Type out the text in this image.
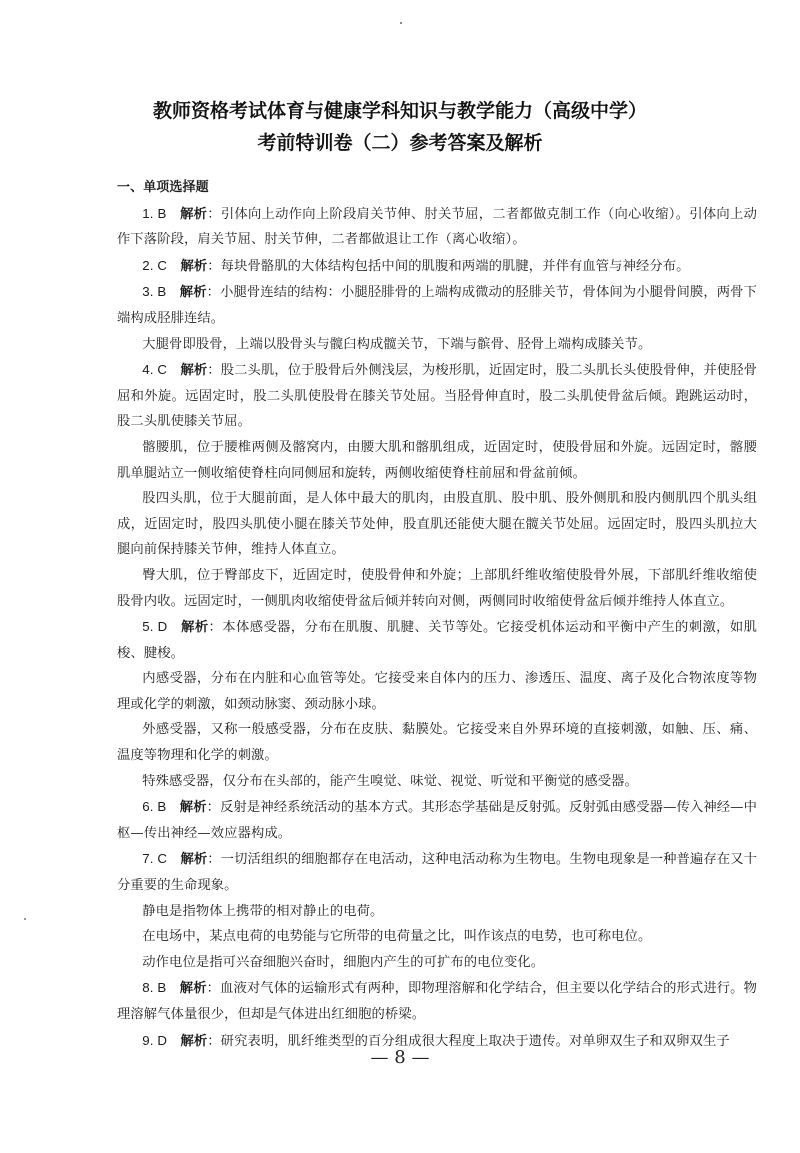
教师资格考试体育与健康学科知识与教学能力（高级中学）
考前特训卷（二）参考答案及解析
一、单项选择题

1. B  解析：引体向上动作向上阶段肩关节伸、肘关节屈，二者都做克制工作（向心收缩）。引体向上动作下落阶段，肩关节屈、肘关节伸，二者都做退让工作（离心收缩）。

2. C  解析：每块骨骼肌的大体结构包括中间的肌腹和两端的肌腱，并伴有血管与神经分布。

3. B  解析：小腿骨连结的结构：小腿胫腓骨的上端构成微动的胫腓关节，骨体间为小腿骨间膜，两骨下端构成胫腓连结。

大腿骨即股骨，上端以股骨头与髋臼构成髋关节，下端与髌骨、胫骨上端构成膝关节。

4. C  解析：股二头肌，位于股骨后外侧浅层，为梭形肌，近固定时，股二头肌长头使股骨伸，并使胫骨屈和外旋。远固定时，股二头肌使股骨在膝关节处屈。当胫骨伸直时，股二头肌使骨盆后倾。跑跳运动时，股二头肌使膝关节屈。

髂腰肌，位于腰椎两侧及髂窝内，由腰大肌和髂肌组成，近固定时，使股骨屈和外旋。远固定时，髂腰肌单腿站立一侧收缩使脊柱向同侧屈和旋转，两侧收缩使脊柱前屈和骨盆前倾。

股四头肌，位于大腿前面，是人体中最大的肌肉，由股直肌、股中肌、股外侧肌和股内侧肌四个肌头组成，近固定时，股四头肌使小腿在膝关节处伸，股直肌还能使大腿在髋关节处屈。远固定时，股四头肌拉大腿向前保持膝关节伸，维持人体直立。

臀大肌，位于臀部皮下，近固定时，使股骨伸和外旋；上部肌纤维收缩使股骨外展，下部肌纤维收缩使股骨内收。远固定时，一侧肌肉收缩使骨盆后倾并转向对侧，两侧同时收缩使骨盆后倾并维持人体直立。

5. D  解析：本体感受器，分布在肌腹、肌腱、关节等处。它接受机体运动和平衡中产生的刺激，如肌梭、腱梭。

内感受器，分布在内脏和心血管等处。它接受来自体内的压力、渗透压、温度、离子及化合物浓度等物理或化学的刺激，如颈动脉窦、颈动脉小球。

外感受器，又称一般感受器，分布在皮肤、黏膜处。它接受来自外界环境的直接刺激，如触、压、痛、温度等物理和化学的刺激。

特殊感受器，仅分布在头部的，能产生嗅觉、味觉、视觉、听觉和平衡觉的感受器。

6. B  解析：反射是神经系统活动的基本方式。其形态学基础是反射弧。反射弧由感受器—传入神经—中枢—传出神经—效应器构成。

7. C  解析：一切活组织的细胞都存在电活动，这种电活动称为生物电。生物电现象是一种普遍存在又十分重要的生命现象。

静电是指物体上携带的相对静止的电荷。

在电场中，某点电荷的电势能与它所带的电荷量之比，叫作该点的电势，也可称电位。

动作电位是指可兴奋细胞兴奋时，细胞内产生的可扩布的电位变化。

8. B  解析：血液对气体的运输形式有两种，即物理溶解和化学结合，但主要以化学结合的形式进行。物理溶解气体量很少，但却是气体进出红细胞的桥梁。

9. D  解析：研究表明，肌纤维类型的百分组成很大程度上取决于遗传。对单卵双生子和双卵双生子

— 8 —
